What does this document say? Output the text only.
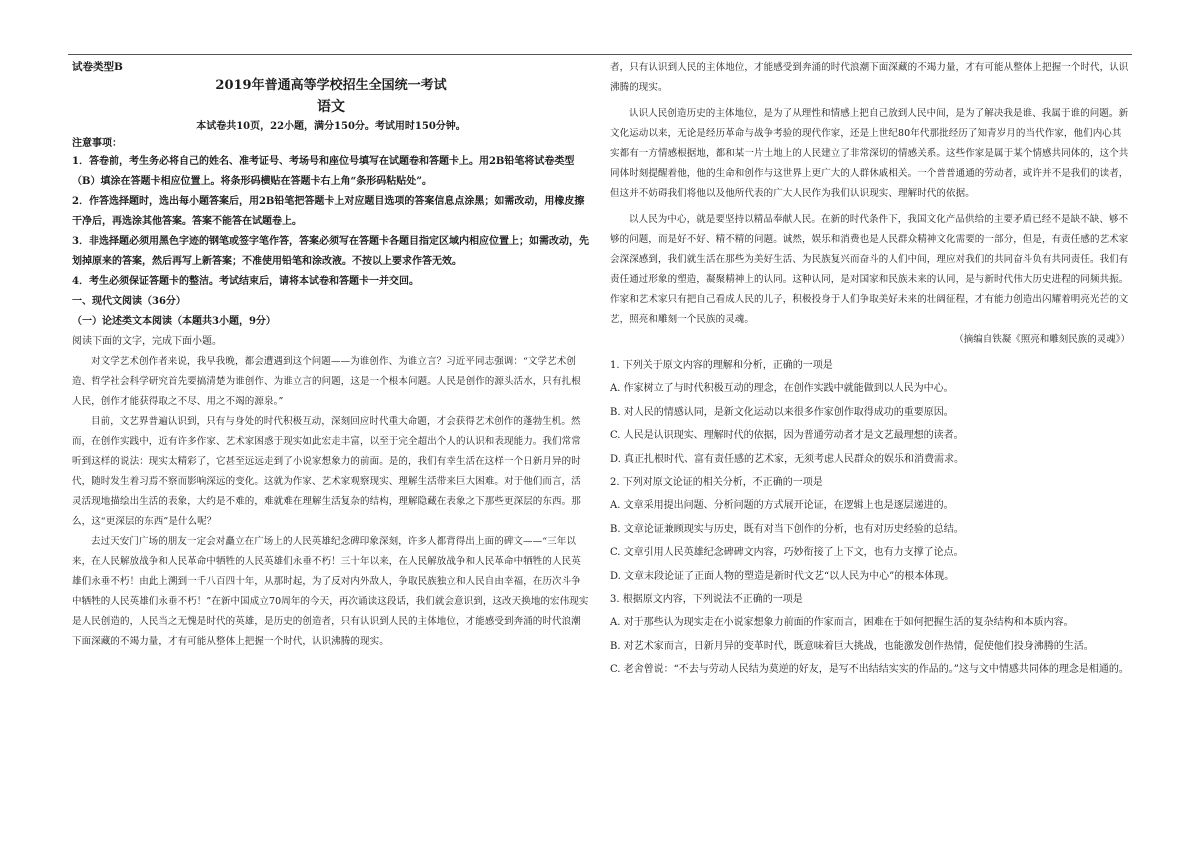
试卷类型B

2019年普通高等学校招生全国统一考试

语文

本试卷共10页，22小题，满分150分。考试用时150分钟。

注意事项：

1．答卷前，考生务必将自己的姓名、准考证号、考场号和座位号填写在试题卷和答题卡上。用2B铅笔将试卷类型（B）填涂在答题卡相应位置上。将条形码横贴在答题卡右上角“条形码粘贴处”。

2．作答选择题时，选出每小题答案后，用2B铅笔把答题卡上对应题目选项的答案信息点涂黑；如需改动，用橡皮擦干净后，再选涂其他答案。答案不能答在试题卷上。

3．非选择题必须用黑色字迹的钢笔或签字笔作答，答案必须写在答题卡各题目指定区域内相应位置上；如需改动，先划掉原来的答案，然后再写上新答案；不准使用铅笔和涂改液。不按以上要求作答无效。

4．考生必须保证答题卡的整洁。考试结束后，请将本试卷和答题卡一并交回。

一、现代文阅读（36分）

（一）论述类文本阅读（本题共3小题，9分）

阅读下面的文字，完成下面小题。

对文学艺术创作者来说，我早我晚，都会遭遇到这个问题——为谁创作、为谁立言？习近平同志强调：“文学艺术创造、哲学社会科学研究首先要搞清楚为谁创作、为谁立言的问题，这是一个根本问题。人民是创作的源头活水，只有扎根人民，创作才能获得取之不尽、用之不竭的源泉。”

目前，文艺界普遍认识到，只有与身处的时代积极互动，深刻回应时代重大命题，才会获得艺术创作的蓬勃生机。然而，在创作实践中，近有许多作家、艺术家困惑于现实如此宏走丰富，以至于完全超出个人的认识和表现能力。我们常常听到这样的说法：现实太精彩了，它甚至远远走到了小说家想象力的前面。是的，我们有幸生活在这样一个日新月异的时代，随时发生着习焉不察而影响深远的变化。这就为作家、艺术家观察现实、理解生活带来巨大困难。对于他们而言，活灵活现地描绘出生活的表象，大约是不难的，难就难在理解生活复杂的结构，理解隐藏在表象之下那些更深层的东西。那么，这“更深层的东西”是什么呢？

去过天安门广场的朋友一定会对矗立在广场上的人民英雄纪念碑印象深刻，许多人都背得出上面的碑文——“三年以来，在人民解放战争和人民革命中牺牲的人民英雄们永垂不朽！三十年以来，在人民解放战争和人民革命中牺牲的人民英雄们永垂不朽！由此上溯到一千八百四十年，从那时起，为了反对内外敌人，争取民族独立和人民自由幸福，在历次斗争中牺牲的人民英雄们永垂不朽！”在新中国成立70周年的今天，再次诵读这段话，我们就会意识到，这改天换地的宏伟现实是人民创造的，人民当之无愧是时代的英雄，是历史的创造者，只有认识到人民的主体地位，才能感受到奔涌的时代浪潮下面深藏的不竭力量，才有可能从整体上把握一个时代，认识沸腾的现实。

者，只有认识到人民的主体地位，才能感受到奔涌的时代浪潮下面深藏的不竭力量，才有可能从整体上把握一个时代，认识沸腾的现实。

认识人民创造历史的主体地位，是为了从理性和情感上把自己放到人民中间，是为了解决我是谁、我属于谁的问题。新文化运动以来，无论是经历革命与战争考验的现代作家，还是上世纪80年代那批经历了知青岁月的当代作家，他们内心其实都有一方情感根据地，都和某一片土地上的人民建立了非常深切的情感关系。这些作家是属于某个情感共同体的，这个共同体时刻提醒着他，他的生命和创作与这世界上更广大的人群休戚相关。一个普普通通的劳动者，或许并不是我们的读者，但这并不妨碍我们将他以及他所代表的广大人民作为我们认识现实、理解时代的依据。

以人民为中心，就是要坚持以精品奉献人民。在新的时代条件下，我国文化产品供给的主要矛盾已经不是缺不缺、够不够的问题，而是好不好、精不精的问题。诚然，娱乐和消费也是人民群众精神文化需要的一部分，但是，有责任感的艺术家会深深感到，我们就生活在那些为美好生活、为民族复兴而奋斗的人们中间，理应对我们的共同奋斗负有共同责任。我们有责任通过形象的塑造，凝聚精神上的认同。这种认同，是对国家和民族未来的认同，是与新时代伟大历史进程的同频共振。作家和艺术家只有把自己看成人民的儿子，积极投身于人们争取美好未来的壮阔征程，才有能力创造出闪耀着明亮光芒的文艺，照亮和雕刻一个民族的灵魂。

（摘编自铁凝《照亮和雕刻民族的灵魂》）

1. 下列关于原文内容的理解和分析，正确的一项是

A. 作家树立了与时代积极互动的理念，在创作实践中就能做到以人民为中心。

B. 对人民的情感认同，是新文化运动以来很多作家创作取得成功的重要原因。

C. 人民是认识现实、理解时代的依据，因为普通劳动者才是文艺最理想的读者。

D. 真正扎根时代、富有责任感的艺术家，无须考虑人民群众的娱乐和消费需求。

2. 下列对原文论证的相关分析，不正确的一项是

A. 文章采用提出问题、分析问题的方式展开论证，在逻辑上也是逐层递进的。

B. 文章论证兼顾现实与历史，既有对当下创作的分析，也有对历史经验的总结。

C. 文章引用人民英雄纪念碑碑文内容，巧妙衔接了上下文，也有力支撑了论点。

D. 文章末段论证了正面人物的塑造是新时代文艺“以人民为中心”的根本体现。

3. 根据原文内容，下列说法不正确的一项是

A. 对于那些认为现实走在小说家想象力前面的作家而言，困难在于如何把握生活的复杂结构和本质内容。

B. 对艺术家而言，日新月异的变革时代，既意味着巨大挑战，也能激发创作热情，促使他们投身沸腾的生活。

C. 老舍曾说：“不去与劳动人民结为莫逆的好友，是写不出结结实实的作品的。”这与文中情感共同体的理念是相通的。
